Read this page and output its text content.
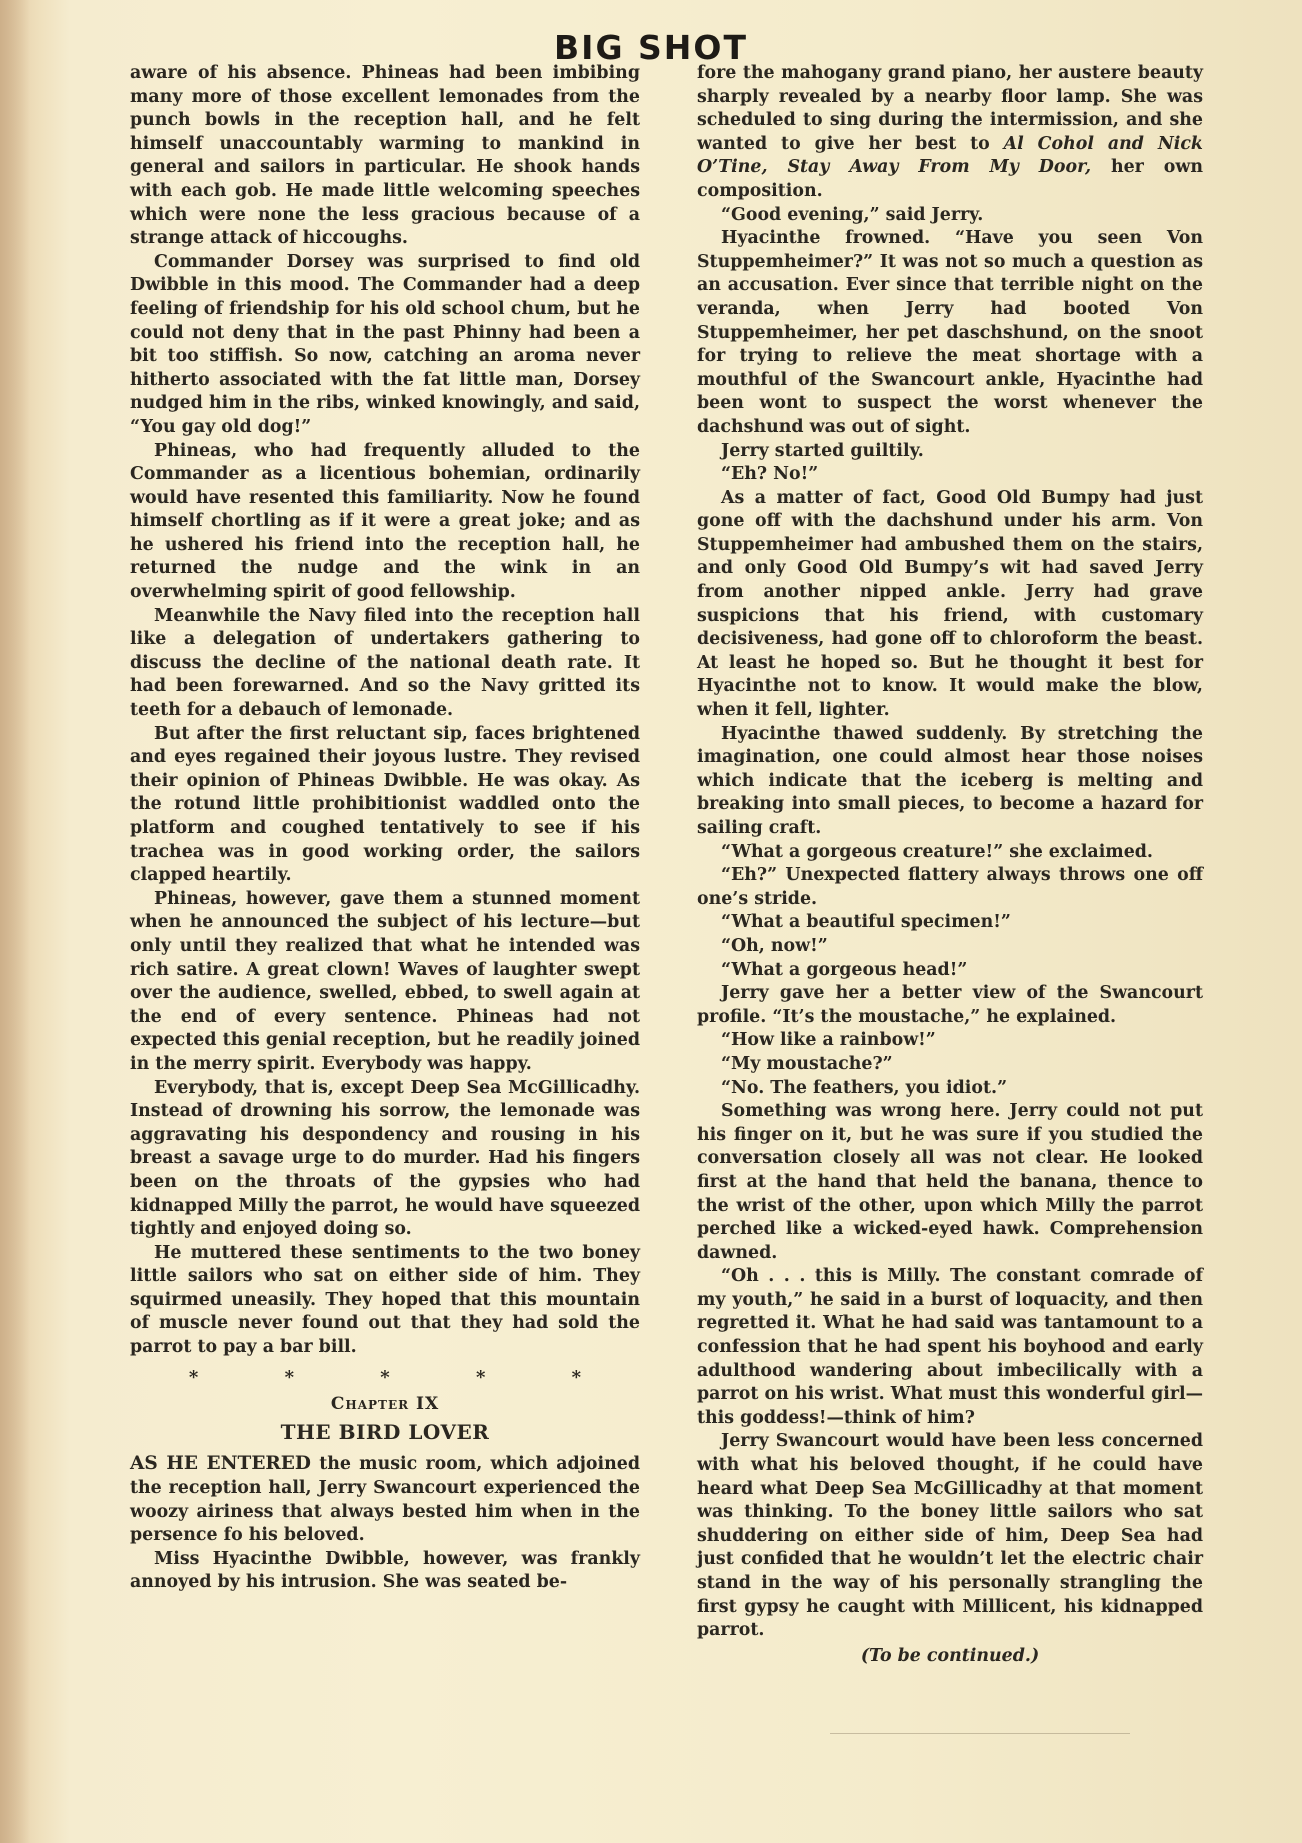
BIG SHOT

aware of his absence. Phineas had been imbibing many more of those excellent lemonades from the punch bowls in the reception hall, and he felt himself unaccountably warming to mankind in general and sailors in particular. He shook hands with each gob. He made little welcoming speeches which were none the less gracious because of a strange attack of hiccoughs.

Commander Dorsey was surprised to find old Dwibble in this mood. The Commander had a deep feeling of friendship for his old school chum, but he could not deny that in the past Phinny had been a bit too stiffish. So now, catching an aroma never hitherto associated with the fat little man, Dorsey nudged him in the ribs, winked knowingly, and said, “You gay old dog!”

Phineas, who had frequently alluded to the Commander as a licentious bohemian, ordinarily would have resented this familiarity. Now he found himself chortling as if it were a great joke; and as he ushered his friend into the reception hall, he returned the nudge and the wink in an overwhelming spirit of good fellowship.

Meanwhile the Navy filed into the reception hall like a delegation of undertakers gathering to discuss the decline of the national death rate. It had been forewarned. And so the Navy gritted its teeth for a debauch of lemonade.

But after the first reluctant sip, faces brightened and eyes regained their joyous lustre. They revised their opinion of Phineas Dwibble. He was okay. As the rotund little prohibitionist waddled onto the platform and coughed tentatively to see if his trachea was in good working order, the sailors clapped heartily.

Phineas, however, gave them a stunned moment when he announced the subject of his lecture—but only until they realized that what he intended was rich satire. A great clown! Waves of laughter swept over the audience, swelled, ebbed, to swell again at the end of every sentence. Phineas had not expected this genial reception, but he readily joined in the merry spirit. Everybody was happy.

Everybody, that is, except Deep Sea McGillicadhy. Instead of drowning his sorrow, the lemonade was aggravating his despondency and rousing in his breast a savage urge to do murder. Had his fingers been on the throats of the gypsies who had kidnapped Milly the parrot, he would have squeezed tightly and enjoyed doing so.

He muttered these sentiments to the two boney little sailors who sat on either side of him. They squirmed uneasily. They hoped that this mountain of muscle never found out that they had sold the parrot to pay a bar bill.

* * * * *
Chapter IX
THE BIRD LOVER

AS HE ENTERED the music room, which adjoined the reception hall, Jerry Swancourt experienced the woozy airiness that always bested him when in the persence fo his beloved.

Miss Hyacinthe Dwibble, however, was frankly annoyed by his intrusion. She was seated be-

fore the mahogany grand piano, her austere beauty sharply revealed by a nearby floor lamp. She was scheduled to sing during the intermission, and she wanted to give her best to Al Cohol and Nick O’Tine, Stay Away From My Door, her own composition.

“Good evening,” said Jerry.

Hyacinthe frowned. “Have you seen Von Stuppemheimer?” It was not so much a question as an accusation. Ever since that terrible night on the veranda, when Jerry had booted Von Stuppemheimer, her pet daschshund, on the snoot for trying to relieve the meat shortage with a mouthful of the Swancourt ankle, Hyacinthe had been wont to suspect the worst whenever the dachshund was out of sight.

Jerry started guiltily.

“Eh? No!”

As a matter of fact, Good Old Bumpy had just gone off with the dachshund under his arm. Von Stuppemheimer had ambushed them on the stairs, and only Good Old Bumpy’s wit had saved Jerry from another nipped ankle. Jerry had grave suspicions that his friend, with customary decisiveness, had gone off to chloroform the beast. At least he hoped so. But he thought it best for Hyacinthe not to know. It would make the blow, when it fell, lighter.

Hyacinthe thawed suddenly. By stretching the imagination, one could almost hear those noises which indicate that the iceberg is melting and breaking into small pieces, to become a hazard for sailing craft.

“What a gorgeous creature!” she exclaimed.

“Eh?” Unexpected flattery always throws one off one’s stride.

“What a beautiful specimen!”

“Oh, now!”

“What a gorgeous head!”

Jerry gave her a better view of the Swancourt profile. “It’s the moustache,” he explained.

“How like a rainbow!”

“My moustache?”

“No. The feathers, you idiot.”

Something was wrong here. Jerry could not put his finger on it, but he was sure if you studied the conversation closely all was not clear. He looked first at the hand that held the banana, thence to the wrist of the other, upon which Milly the parrot perched like a wicked-eyed hawk. Comprehension dawned.

“Oh . . . this is Milly. The constant comrade of my youth,” he said in a burst of loquacity, and then regretted it. What he had said was tantamount to a confession that he had spent his boyhood and early adulthood wandering about imbecilically with a parrot on his wrist. What must this wonderful girl—this goddess!—think of him?

Jerry Swancourt would have been less concerned with what his beloved thought, if he could have heard what Deep Sea McGillicadhy at that moment was thinking. To the boney little sailors who sat shuddering on either side of him, Deep Sea had just confided that he wouldn’t let the electric chair stand in the way of his personally strangling the first gypsy he caught with Millicent, his kidnapped parrot.

(To be continued.)
